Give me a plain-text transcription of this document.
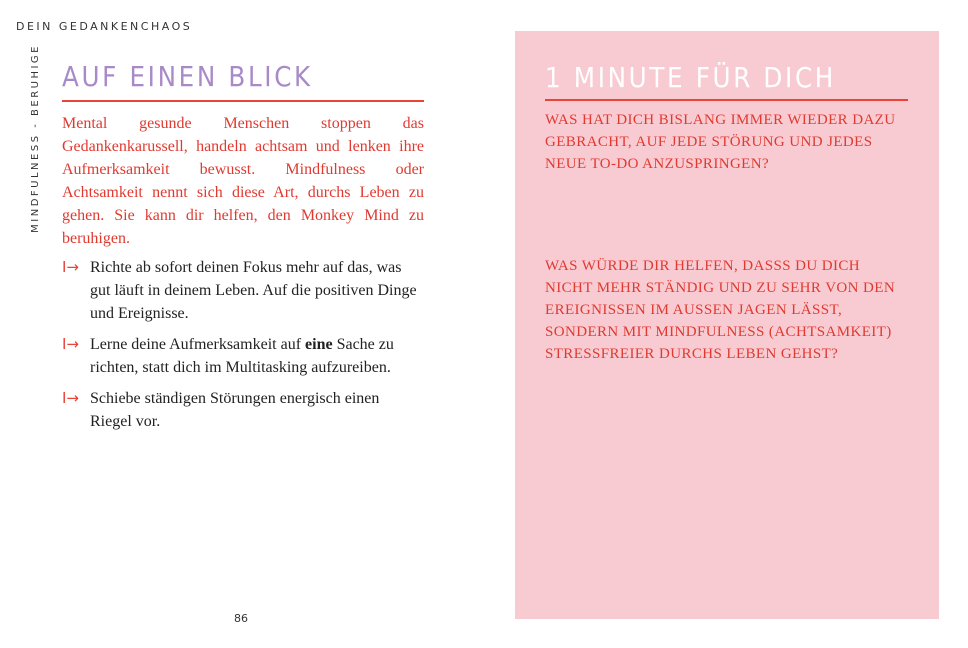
DEIN GEDANKENCHAOS
MINDFULNESS - BERUHIGE AUF EINEN BLICK

Mental gesunde Menschen stoppen das Gedankenkarussell, handeln achtsam und lenken ihre Aufmerksamkeit bewusst. Mindfulness oder Achtsamkeit nennt sich diese Art, durchs Leben zu gehen. Sie kann dir helfen, den Monkey Mind zu beruhigen.

I→ Richte ab sofort deinen Fokus mehr auf das, was gut läuft in deinem Leben. Auf die positiven Dinge und Ereignisse.
I→ Lerne deine Aufmerksamkeit auf eine Sache zu richten, statt dich im Multitasking aufzureiben.
I→ Schiebe ständigen Störungen energisch einen Riegel vor.
86
1 MINUTE FÜR DICH
WAS HAT DICH BISLANG IMMER WIEDER DAZU GEBRACHT, AUF JEDE STÖRUNG UND JEDES NEUE TO-DO ANZUSPRINGEN?
WAS WÜRDE DIR HELFEN, DASSS DU DICH NICHT MEHR STÄNDIG UND ZU SEHR VON DEN EREIGNISSEN IM AUSSEN JAGEN LÄSST, SONDERN MIT MINDFULNESS (ACHTSAMKEIT) STRESSFREIER DURCHS LEBEN GEHST?
